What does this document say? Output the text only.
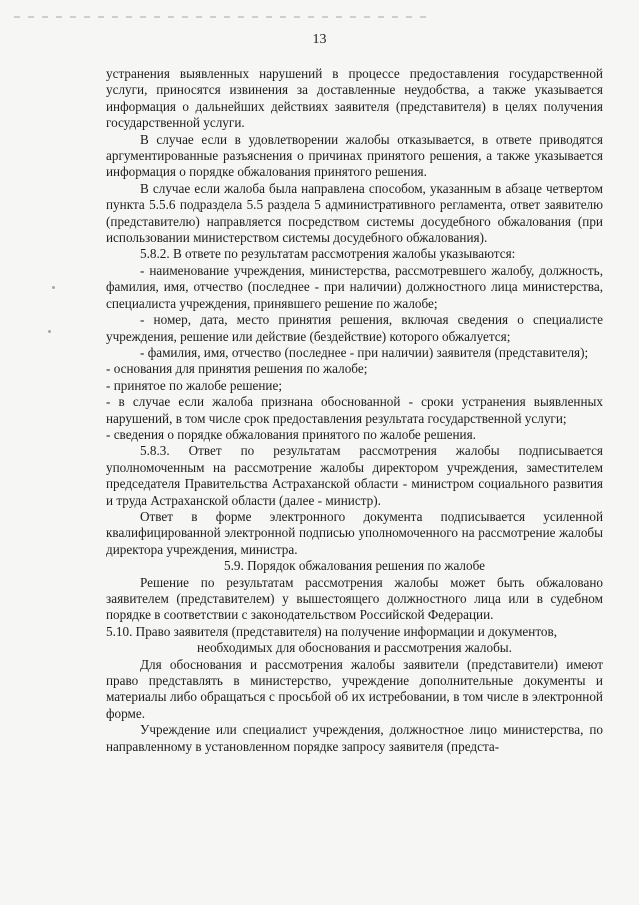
13

устранения выявленных нарушений в процессе предоставления государственной услуги, приносятся извинения за доставленные неудобства, а также указывается информация о дальнейших действиях заявителя (представителя) в целях получения государственной услуги.

В случае если в удовлетворении жалобы отказывается, в ответе приводятся аргументированные разъяснения о причинах принятого решения, а также указывается информация о порядке обжалования принятого решения.

В случае если жалоба была направлена способом, указанным в абзаце четвертом пункта 5.5.6 подраздела 5.5 раздела 5 административного регламента, ответ заявителю (представителю) направляется посредством системы досудебного обжалования (при использовании министерством системы досудебного обжалования).

5.8.2. В ответе по результатам рассмотрения жалобы указываются:

- наименование учреждения, министерства, рассмотревшего жалобу, должность, фамилия, имя, отчество (последнее - при наличии) должностного лица министерства, специалиста учреждения, принявшего решение по жалобе;

- номер, дата, место принятия решения, включая сведения о специалисте учреждения, решение или действие (бездействие) которого обжалуется;

- фамилия, имя, отчество (последнее - при наличии) заявителя (представителя);

- основания для принятия решения по жалобе;

- принятое по жалобе решение;

- в случае если жалоба признана обоснованной - сроки устранения выявленных нарушений, в том числе срок предоставления результата государственной услуги;

- сведения о порядке обжалования принятого по жалобе решения.

5.8.3. Ответ по результатам рассмотрения жалобы подписывается уполномоченным на рассмотрение жалобы директором учреждения, заместителем председателя Правительства Астраханской области - министром социального развития и труда Астраханской области (далее - министр).

Ответ в форме электронного документа подписывается усиленной квалифицированной электронной подписью уполномоченного на рассмотрение жалобы директора учреждения, министра.

5.9. Порядок обжалования решения по жалобе

Решение по результатам рассмотрения жалобы может быть обжаловано заявителем (представителем) у вышестоящего должностного лица или в судебном порядке в соответствии с законодательством Российской Федерации.

5.10. Право заявителя (представителя) на получение информации и документов,
необходимых для обоснования и рассмотрения жалобы.

Для обоснования и рассмотрения жалобы заявители (представители) имеют право представлять в министерство, учреждение дополнительные документы и материалы либо обращаться с просьбой об их истребовании, в том числе в электронной форме.

Учреждение или специалист учреждения, должностное лицо министерства, по направленному в установленном порядке запросу заявителя (предста-
